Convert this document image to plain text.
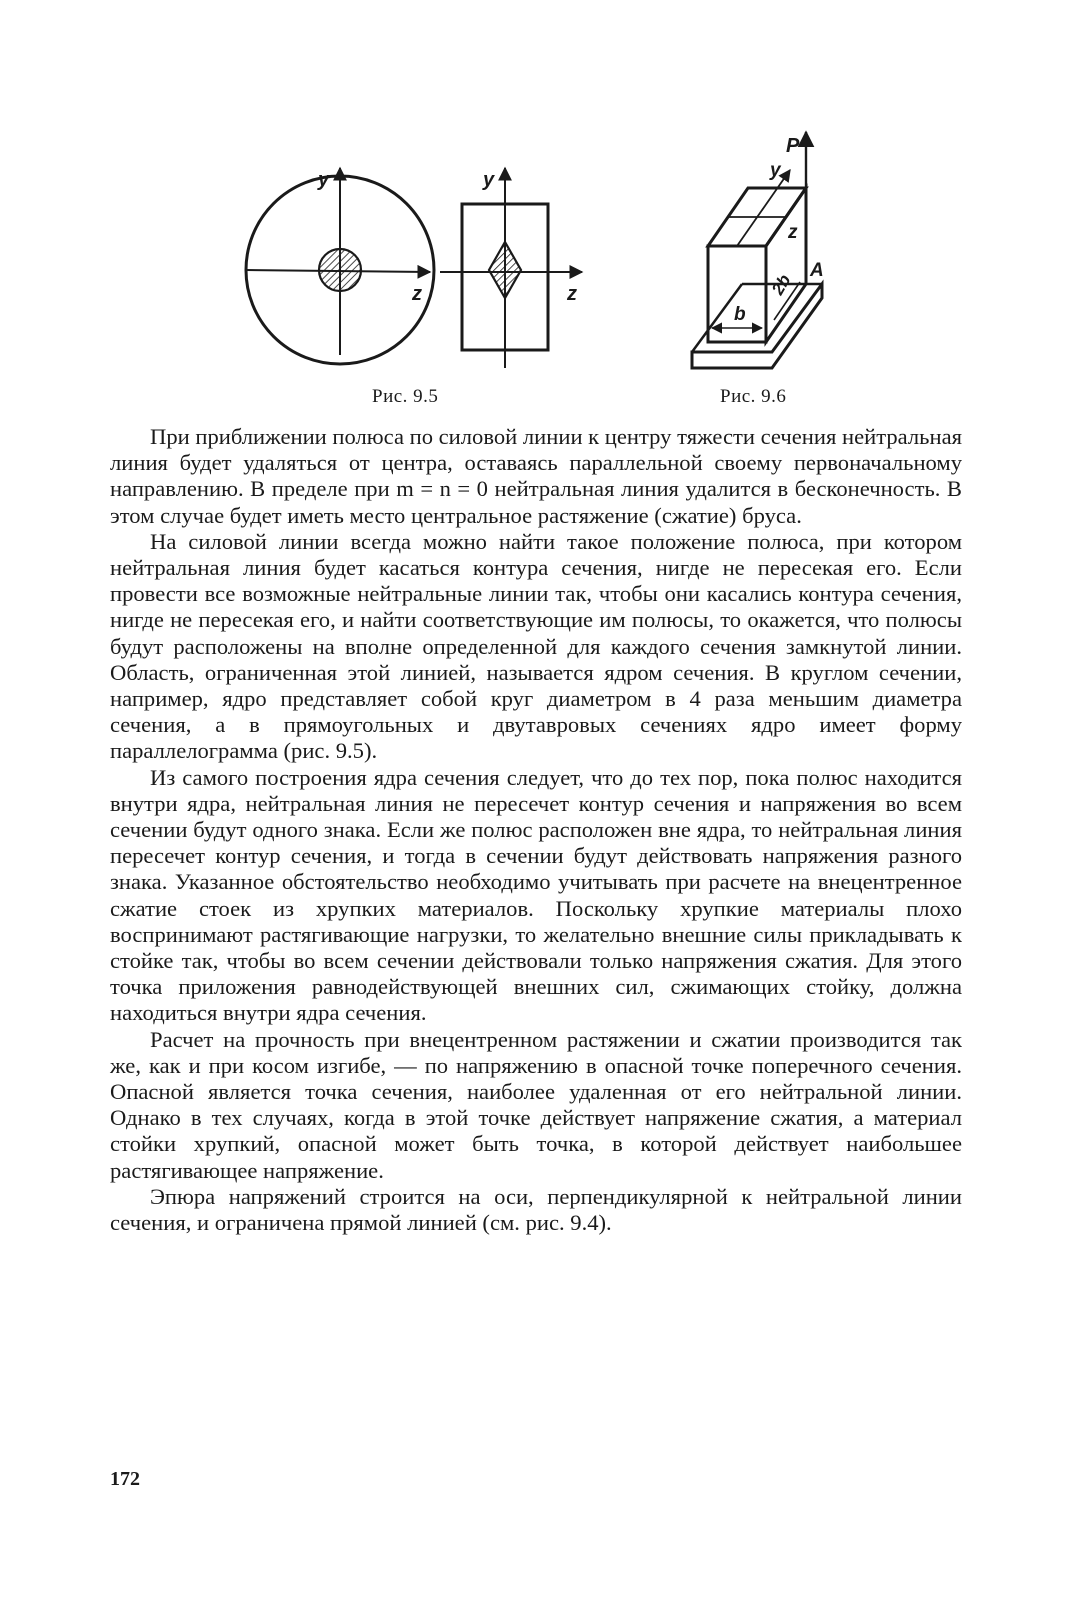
y
z
y
z
P
y
z
2b
b
A
Рис. 9.5	Рис. 9.6

При приближении полюса по силовой линии к центру тяжести сечения нейтральная линия будет удаляться от центра, оставаясь параллельной своему первоначальному направлению. В пределе при m = n = 0 нейтральная линия удалится в бесконечность. В этом случае будет иметь место центральное растяжение (сжатие) бруса.

На силовой линии всегда можно найти такое положение полюса, при котором нейтральная линия будет касаться контура сечения, нигде не пересекая его. Если провести все возможные нейтральные линии так, чтобы они касались контура сечения, нигде не пересекая его, и найти соответствующие им полюсы, то окажется, что полюсы будут расположены на вполне определенной для каждого сечения замкнутой линии. Область, ограниченная этой линией, называется ядром сечения. В круглом сечении, например, ядро представляет собой круг диаметром в 4 раза меньшим диаметра сечения, а в прямоугольных и двутавровых сечениях ядро имеет форму параллелограмма (рис. 9.5).

Из самого построения ядра сечения следует, что до тех пор, пока полюс находится внутри ядра, нейтральная линия не пересечет контур сечения и напряжения во всем сечении будут одного знака. Если же полюс расположен вне ядра, то нейтральная линия пересечет контур сечения, и тогда в сечении будут действовать напряжения разного знака. Указанное обстоятельство необходимо учитывать при расчете на внецентренное сжатие стоек из хрупких материалов. Поскольку хрупкие материалы плохо воспринимают растягивающие нагрузки, то желательно внешние силы прикладывать к стойке так, чтобы во всем сечении действовали только напряжения сжатия. Для этого точка приложения равнодействующей внешних сил, сжимающих стойку, должна находиться внутри ядра сечения.

Расчет на прочность при внецентренном растяжении и сжатии производится так же, как и при косом изгибе, — по напряжению в опасной точке поперечного сечения. Опасной является точка сечения, наиболее удаленная от его нейтральной линии. Однако в тех случаях, когда в этой точке действует напряжение сжатия, а материал стойки хрупкий, опасной может быть точка, в которой действует наибольшее растягивающее напряжение.

Эпюра напряжений строится на оси, перпендикулярной к нейтральной линии сечения, и ограничена прямой линией (см. рис. 9.4).

172
